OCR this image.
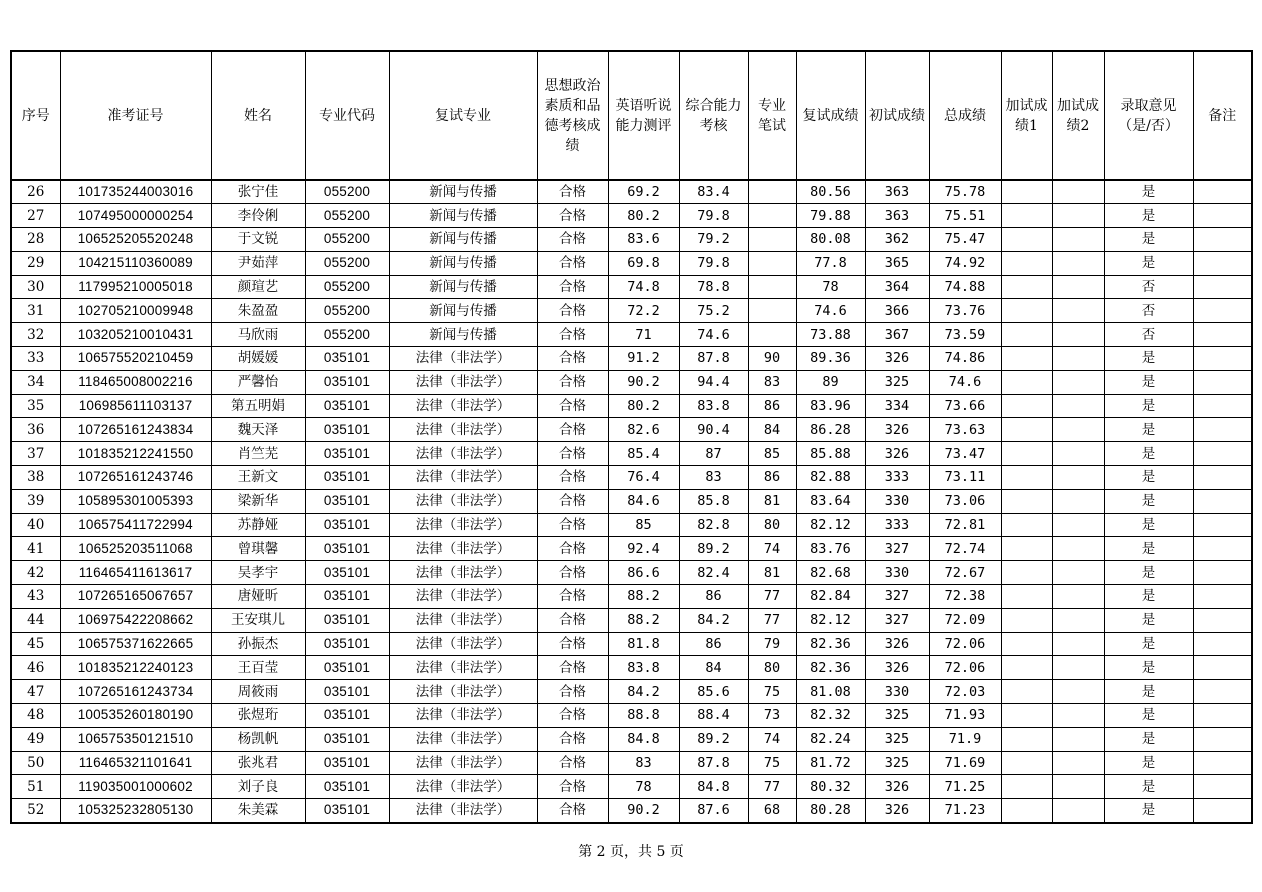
序号	准考证号	姓名	专业代码	复试专业	思想政治素质和品德考核成绩	英语听说能力测评	综合能力考核	专业笔试	复试成绩	初试成绩	总成绩	加试成绩1	加试成绩2	录取意见（是/否）	备注
26	101735244003016	张宁佳	055200	新闻与传播	合格	69.2	83.4		80.56	363	75.78			是	
27	107495000000254	李伶俐	055200	新闻与传播	合格	80.2	79.8		79.88	363	75.51			是	
28	106525205520248	于文锐	055200	新闻与传播	合格	83.6	79.2		80.08	362	75.47			是	
29	104215110360089	尹茹萍	055200	新闻与传播	合格	69.8	79.8		77.8	365	74.92			是	
30	117995210005018	颜瑄艺	055200	新闻与传播	合格	74.8	78.8		78	364	74.88			否	
31	102705210009948	朱盈盈	055200	新闻与传播	合格	72.2	75.2		74.6	366	73.76			否	
32	103205210010431	马欣雨	055200	新闻与传播	合格	71	74.6		73.88	367	73.59			否	
33	106575520210459	胡媛媛	035101	法律（非法学）	合格	91.2	87.8	90	89.36	326	74.86			是	
34	118465008002216	严馨怡	035101	法律（非法学）	合格	90.2	94.4	83	89	325	74.6			是	
35	106985611103137	第五明娟	035101	法律（非法学）	合格	80.2	83.8	86	83.96	334	73.66			是	
36	107265161243834	魏天泽	035101	法律（非法学）	合格	82.6	90.4	84	86.28	326	73.63			是	
37	101835212241550	肖竺芜	035101	法律（非法学）	合格	85.4	87	85	85.88	326	73.47			是	
38	107265161243746	王新文	035101	法律（非法学）	合格	76.4	83	86	82.88	333	73.11			是	
39	105895301005393	梁新华	035101	法律（非法学）	合格	84.6	85.8	81	83.64	330	73.06			是	
40	106575411722994	苏静娅	035101	法律（非法学）	合格	85	82.8	80	82.12	333	72.81			是	
41	106525203511068	曾琪馨	035101	法律（非法学）	合格	92.4	89.2	74	83.76	327	72.74			是	
42	116465411613617	吴孝宇	035101	法律（非法学）	合格	86.6	82.4	81	82.68	330	72.67			是	
43	107265165067657	唐娅昕	035101	法律（非法学）	合格	88.2	86	77	82.84	327	72.38			是	
44	106975422208662	王安琪儿	035101	法律（非法学）	合格	88.2	84.2	77	82.12	327	72.09			是	
45	106575371622665	孙振杰	035101	法律（非法学）	合格	81.8	86	79	82.36	326	72.06			是	
46	101835212240123	王百莹	035101	法律（非法学）	合格	83.8	84	80	82.36	326	72.06			是	
47	107265161243734	周筱雨	035101	法律（非法学）	合格	84.2	85.6	75	81.08	330	72.03			是	
48	100535260180190	张煜珩	035101	法律（非法学）	合格	88.8	88.4	73	82.32	325	71.93			是	
49	106575350121510	杨凯帆	035101	法律（非法学）	合格	84.8	89.2	74	82.24	325	71.9			是	
50	116465321101641	张兆君	035101	法律（非法学）	合格	83	87.8	75	81.72	325	71.69			是	
51	119035001000602	刘子良	035101	法律（非法学）	合格	78	84.8	77	80.32	326	71.25			是	
52	105325232805130	朱美霖	035101	法律（非法学）	合格	90.2	87.6	68	80.28	326	71.23			是	
第 2 页，共 5 页
